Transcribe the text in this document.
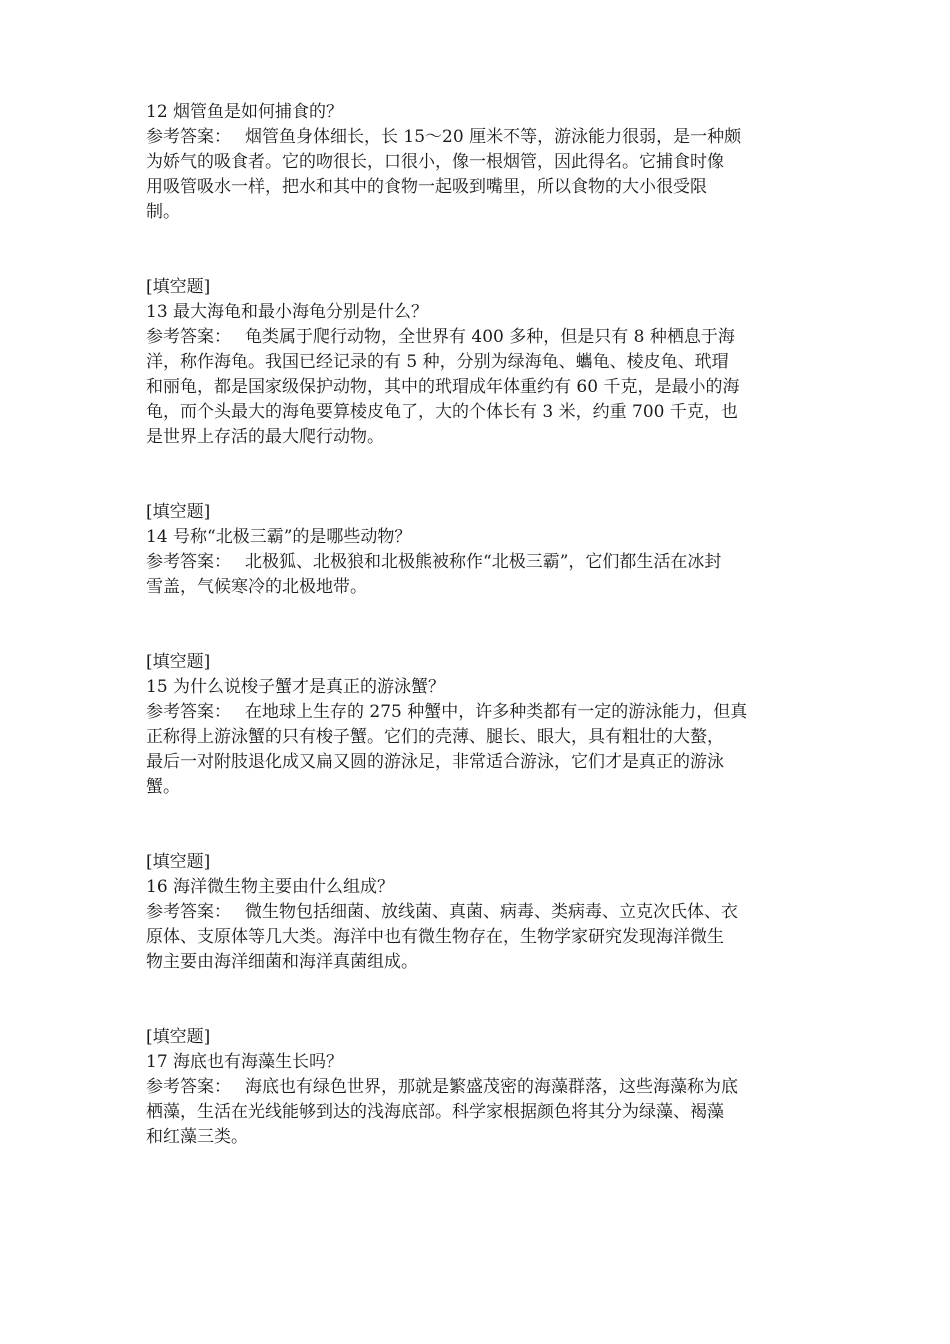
12 烟管鱼是如何捕食的？
参考答案： 烟管鱼身体细长，长 15～20 厘米不等，游泳能力很弱，是一种颇
为娇气的吸食者。它的吻很长，口很小，像一根烟管，因此得名。它捕食时像
用吸管吸水一样，把水和其中的食物一起吸到嘴里，所以食物的大小很受限
制。
[填空题]
13 最大海龟和最小海龟分别是什么？
参考答案： 龟类属于爬行动物，全世界有 400 多种，但是只有 8 种栖息于海
洋，称作海龟。我国已经记录的有 5 种，分别为绿海龟、蠵龟、棱皮龟、玳瑁
和丽龟，都是国家级保护动物，其中的玳瑁成年体重约有 60 千克，是最小的海
龟，而个头最大的海龟要算棱皮龟了，大的个体长有 3 米，约重 700 千克，也
是世界上存活的最大爬行动物。
[填空题]
14 号称“北极三霸”的是哪些动物？
参考答案： 北极狐、北极狼和北极熊被称作“北极三霸”，它们都生活在冰封
雪盖，气候寒冷的北极地带。
[填空题]
15 为什么说梭子蟹才是真正的游泳蟹？
参考答案： 在地球上生存的 275 种蟹中，许多种类都有一定的游泳能力，但真
正称得上游泳蟹的只有梭子蟹。它们的壳薄、腿长、眼大，具有粗壮的大螯，
最后一对附肢退化成又扁又圆的游泳足，非常适合游泳，它们才是真正的游泳
蟹。
[填空题]
16 海洋微生物主要由什么组成？
参考答案： 微生物包括细菌、放线菌、真菌、病毒、类病毒、立克次氏体、衣
原体、支原体等几大类。海洋中也有微生物存在，生物学家研究发现海洋微生
物主要由海洋细菌和海洋真菌组成。
[填空题]
17 海底也有海藻生长吗？
参考答案： 海底也有绿色世界，那就是繁盛茂密的海藻群落，这些海藻称为底
栖藻，生活在光线能够到达的浅海底部。科学家根据颜色将其分为绿藻、褐藻
和红藻三类。
